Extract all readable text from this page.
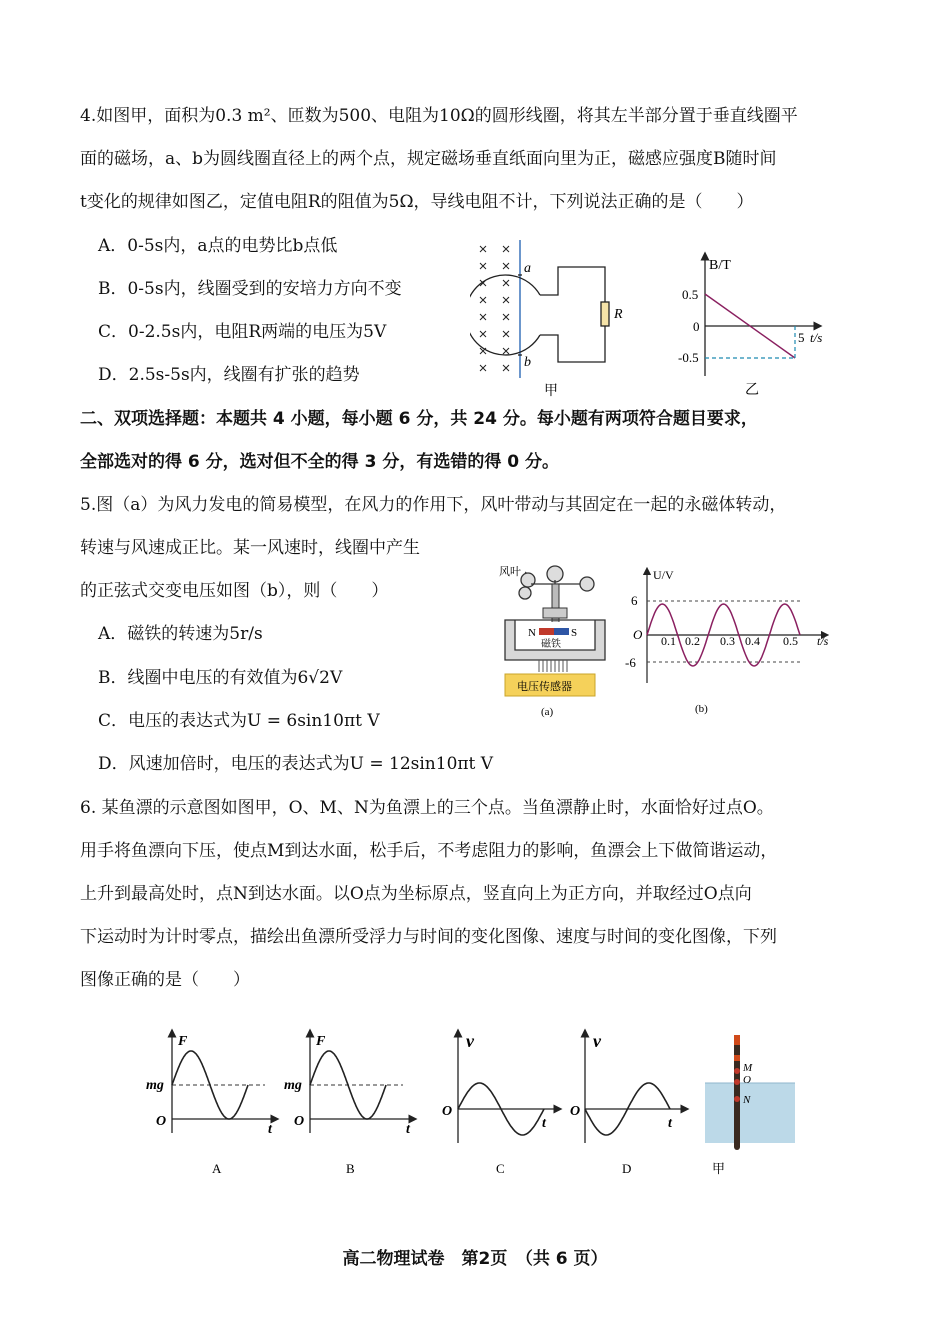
4.如图甲，面积为0.3 m²、匝数为500、电阻为10Ω的圆形线圈，将其左半部分置于垂直线圈平
面的磁场，a、b为圆线圈直径上的两个点，规定磁场垂直纸面向里为正，磁感应强度B随时间
t变化的规律如图乙，定值电阻R的阻值为5Ω，导线电阻不计，下列说法正确的是（　　）
A．0-5s内，a点的电势比b点低
B．0-5s内，线圈受到的安培力方向不变
C．0-2.5s内，电阻R两端的电压为5V
D．2.5s-5s内，线圈有扩张的趋势
a
b
R
甲
B/T
0.5
0
-0.5
5 t/s
乙
二、双项选择题：本题共 4 小题，每小题 6 分，共 24 分。每小题有两项符合题目要求，
全部选对的得 6 分，选对但不全的得 3 分，有选错的得 0 分。
5.图（a）为风力发电的简易模型，在风力的作用下，风叶带动与其固定在一起的永磁体转动，
转速与风速成正比。某一风速时，线圈中产生
的正弦式交变电压如图（b），则（　　）
A．磁铁的转速为5r/s
B．线圈中电压的有效值为6√2V
C．电压的表达式为U = 6sin10πt V
D．风速加倍时，电压的表达式为U = 12sin10πt V
风叶
N	S
磁铁
电压传感器
(a)
U/V
6
-6
O 0.1 0.2 0.3 0.4 0.5 t/s
(b)
6. 某鱼漂的示意图如图甲，O、M、N为鱼漂上的三个点。当鱼漂静止时，水面恰好过点O。
用手将鱼漂向下压，使点M到达水面，松手后，不考虑阻力的影响，鱼漂会上下做简谐运动，
上升到最高处时，点N到达水面。以O点为坐标原点，竖直向上为正方向，并取经过O点向
下运动时为计时零点，描绘出鱼漂所受浮力与时间的变化图像、速度与时间的变化图像，下列
图像正确的是（　　）
F
mg
O
t
A
F
mg
O
t
B
v
O
t
C
v
O
t
D
M
O
N
甲
高二物理试卷　第2页　（共 6 页）
